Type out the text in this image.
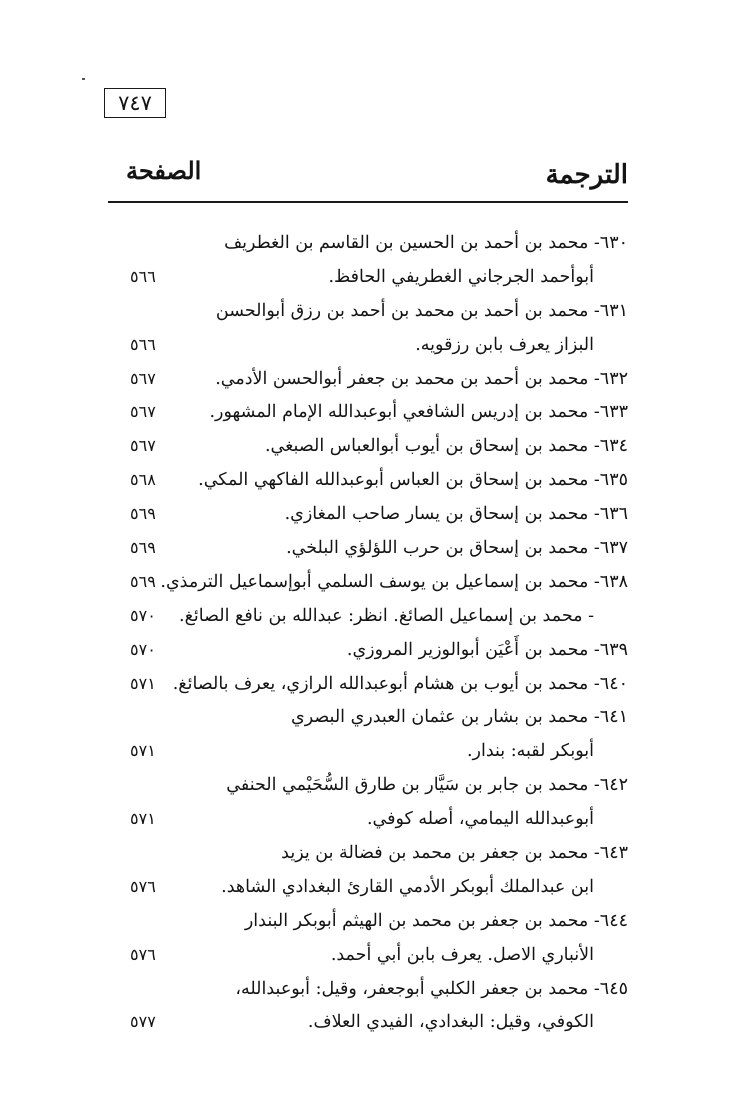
٧٤٧
الترجمة
الصفحة
٦٣٠- محمد بن أحمد بن الحسين بن القاسم بن الغطريف
أبوأحمد الجرجاني الغطريفي الحافظ.
٥٦٦
٦٣١- محمد بن أحمد بن محمد بن أحمد بن رزق أبوالحسن
البزاز يعرف بابن رزقويه.
٥٦٦
٦٣٢- محمد بن أحمد بن محمد بن جعفر أبوالحسن الأدمي.
٥٦٧
٦٣٣- محمد بن إدريس الشافعي أبوعبدالله الإمام المشهور.
٥٦٧
٦٣٤- محمد بن إسحاق بن أيوب أبوالعباس الصبغي.
٥٦٧
٦٣٥- محمد بن إسحاق بن العباس أبوعبدالله الفاكهي المكي.
٥٦٨
٦٣٦- محمد بن إسحاق بن يسار صاحب المغازي.
٥٦٩
٦٣٧- محمد بن إسحاق بن حرب اللؤلؤي البلخي.
٥٦٩
٦٣٨- محمد بن إسماعيل بن يوسف السلمي أبوإسماعيل الترمذي.
٥٦٩
- محمد بن إسماعيل الصائغ. انظر: عبدالله بن نافع الصائغ.
٥٧٠
٦٣٩- محمد بن أَعْيَن أبوالوزير المروزي.
٥٧٠
٦٤٠- محمد بن أيوب بن هشام أبوعبدالله الرازي، يعرف بالصائغ.
٥٧١
٦٤١- محمد بن بشار بن عثمان العبدري البصري
أبوبكر لقبه: بندار.
٥٧١
٦٤٢- محمد بن جابر بن سَيَّار بن طارق السُّحَيْمي الحنفي
أبوعبدالله اليمامي، أصله كوفي.
٥٧١
٦٤٣- محمد بن جعفر بن محمد بن فضالة بن يزيد
ابن عبدالملك أبوبكر الأدمي القارئ البغدادي الشاهد.
٥٧٦
٦٤٤- محمد بن جعفر بن محمد بن الهيثم أبوبكر البندار
الأنباري الاصل. يعرف بابن أبي أحمد.
٥٧٦
٦٤٥- محمد بن جعفر الكلبي أبوجعفر، وقيل: أبوعبدالله،
الكوفي، وقيل: البغدادي، الفيدي العلاف.
٥٧٧
